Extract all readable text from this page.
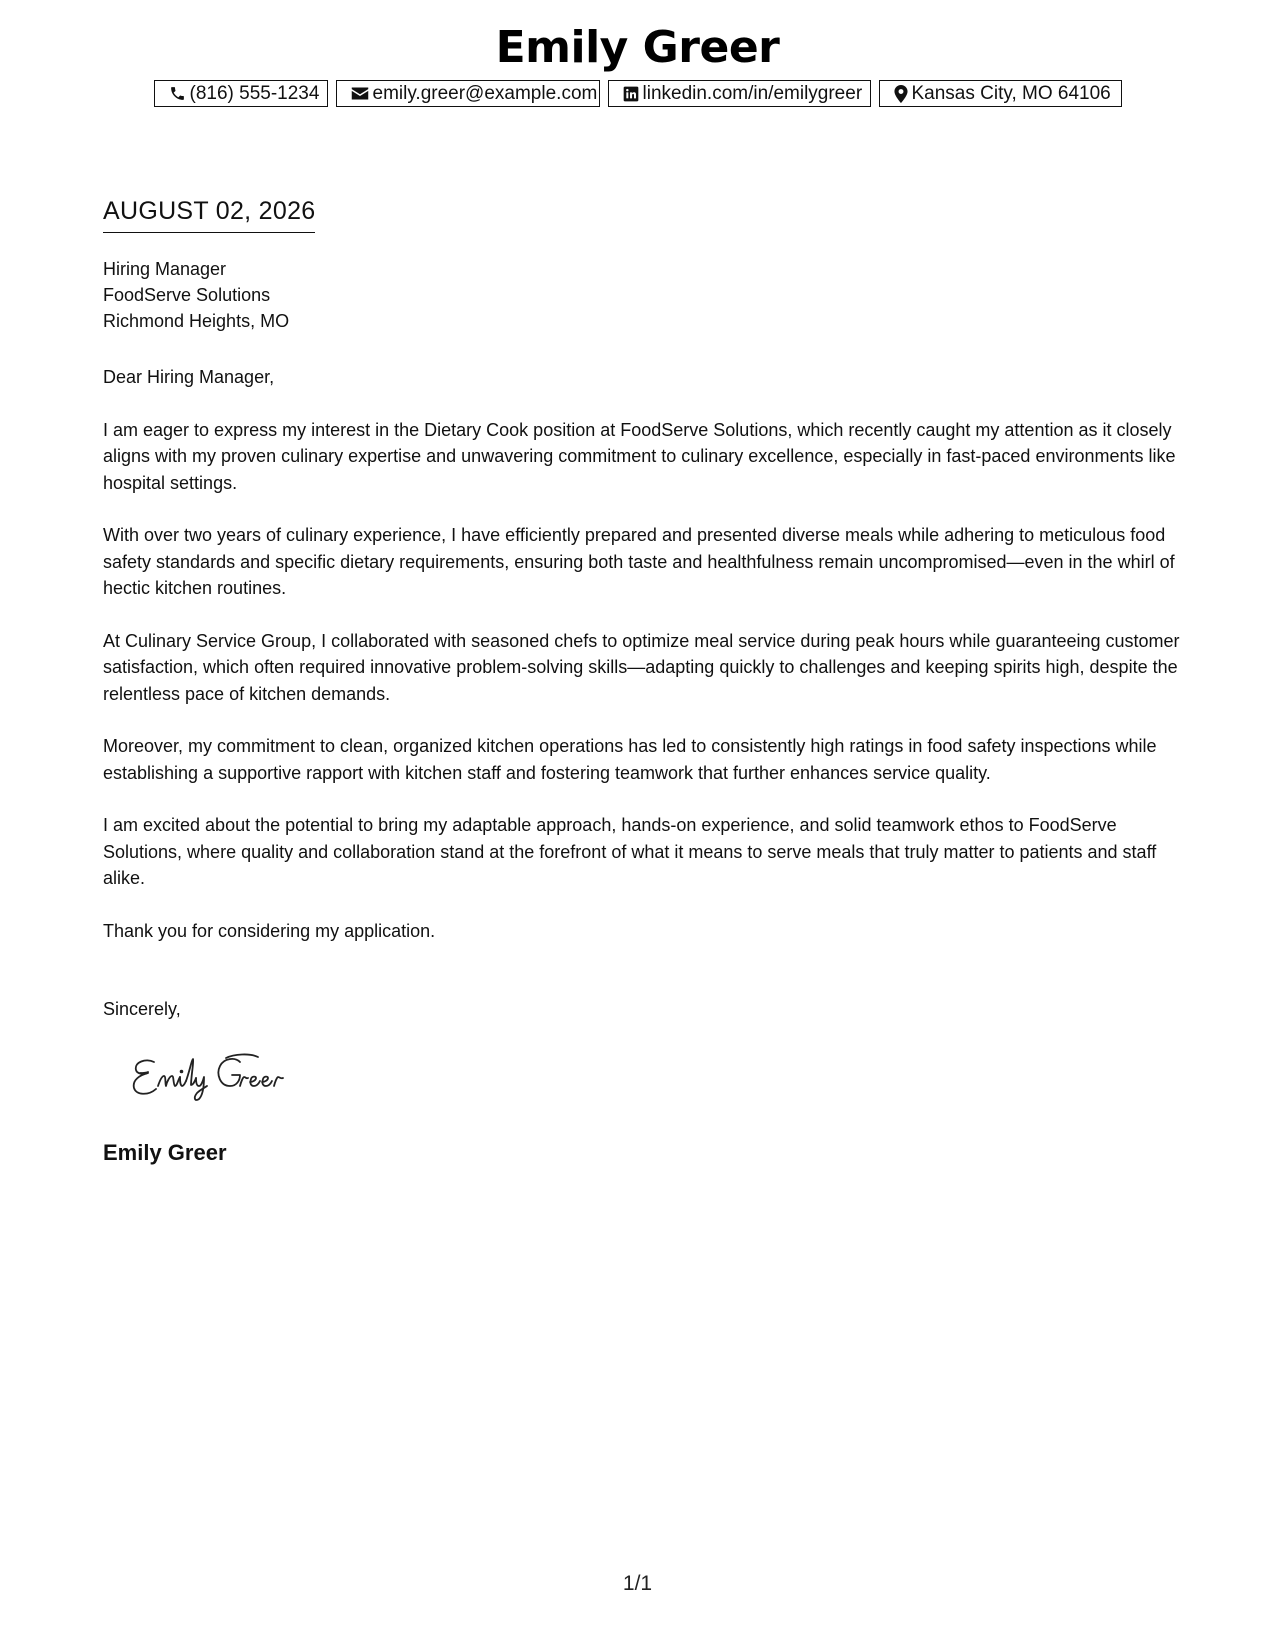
Emily Greer
(816) 555-1234	emily.greer@example.com linkedin.com/in/emilygreer	Kansas City, MO 64106
AUGUST 02, 2026
Hiring Manager
FoodServe Solutions
Richmond Heights, MO

Dear Hiring Manager,

I am eager to express my interest in the Dietary Cook position at FoodServe Solutions, which recently caught my attention as it closely aligns with my proven culinary expertise and unwavering commitment to culinary excellence, especially in fast-paced environments like hospital settings.

With over two years of culinary experience, I have efficiently prepared and presented diverse meals while adhering to meticulous food safety standards and specific dietary requirements, ensuring both taste and healthfulness remain uncompromised—even in the whirl of hectic kitchen routines.

At Culinary Service Group, I collaborated with seasoned chefs to optimize meal service during peak hours while guaranteeing customer satisfaction, which often required innovative problem-solving skills—adapting quickly to challenges and keeping spirits high, despite the relentless pace of kitchen demands.

Moreover, my commitment to clean, organized kitchen operations has led to consistently high ratings in food safety inspections while establishing a supportive rapport with kitchen staff and fostering teamwork that further enhances service quality.

I am excited about the potential to bring my adaptable approach, hands-on experience, and solid teamwork ethos to FoodServe Solutions, where quality and collaboration stand at the forefront of what it means to serve meals that truly matter to patients and staff alike.

Thank you for considering my application.

Sincerely,
Emily Greer
1/1
